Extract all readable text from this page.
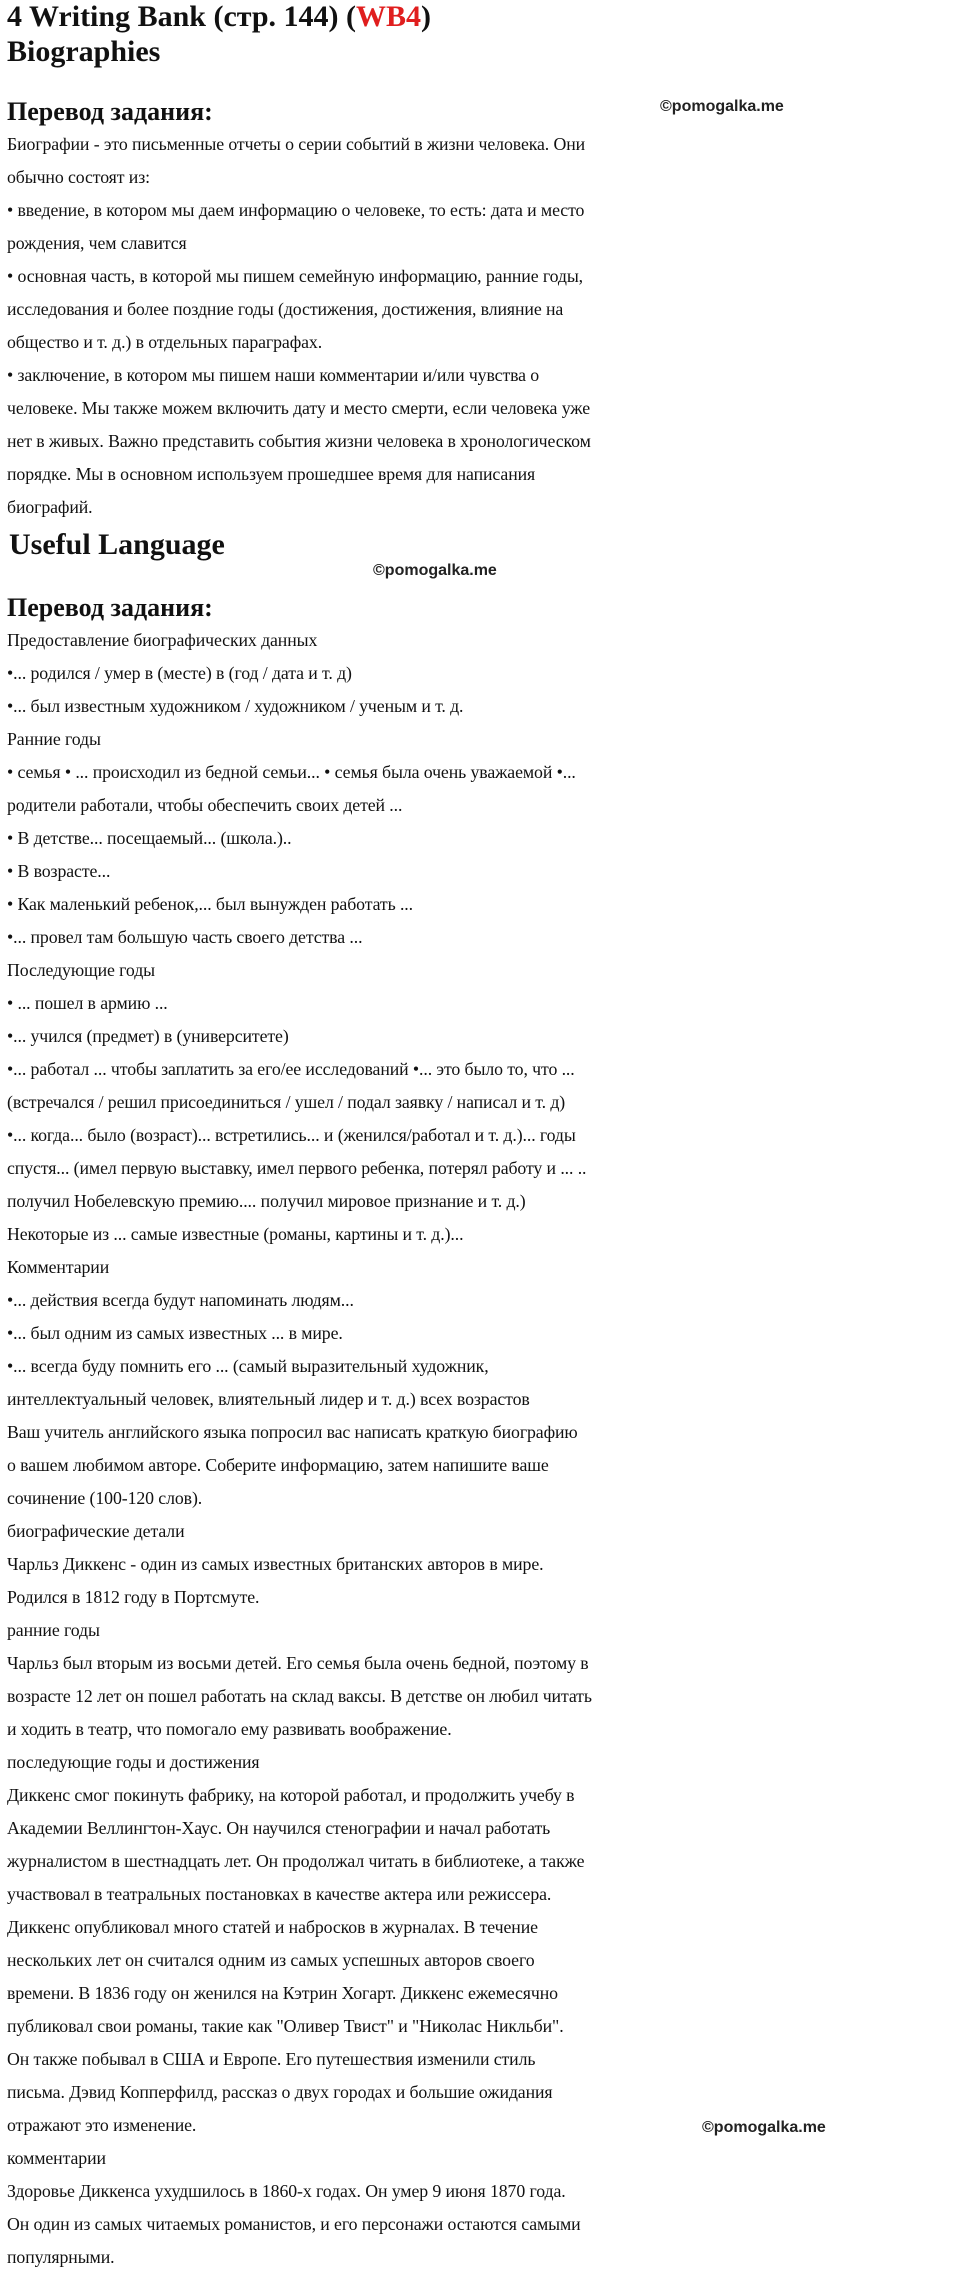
4 Writing Bank (стр. 144) (WB4)
Biographies
Перевод задания:	©pomogalka.me
Биографии - это письменные отчеты о серии событий в жизни человека. Они
обычно состоят из:
• введение, в котором мы даем информацию о человеке, то есть: дата и место
рождения, чем славится
• основная часть, в которой мы пишем семейную информацию, ранние годы,
исследования и более поздние годы (достижения, достижения, влияние на
общество и т. д.) в отдельных параграфах.
• заключение, в котором мы пишем наши комментарии и/или чувства о
человеке. Мы также можем включить дату и место смерти, если человека уже
нет в живых. Важно представить события жизни человека в хронологическом
порядке. Мы в основном используем прошедшее время для написания
биографий.
Useful Language
©pomogalka.me
Перевод задания:
Предоставление биографических данных
•... родился / умер в (месте) в (год / дата и т. д)
•... был известным художником / художником / ученым и т. д.
Ранние годы
• семья • ... происходил из бедной семьи... • семья была очень уважаемой •...
родители работали, чтобы обеспечить своих детей ...
• В детстве... посещаемый... (школа.)..
• В возрасте...
• Как маленький ребенок,... был вынужден работать ...
•... провел там большую часть своего детства ...
Последующие годы
• ... пошел в армию ...
•... учился (предмет) в (университете)
•... работал ... чтобы заплатить за его/ее исследований •... это было то, что ...
(встречался / решил присоединиться / ушел / подал заявку / написал и т. д)
•... когда... было (возраст)... встретились... и (женился/работал и т. д.)... годы
спустя... (имел первую выставку, имел первого ребенка, потерял работу и ... ..
получил Нобелевскую премию.... получил мировое признание и т. д.)
Некоторые из ... самые известные (романы, картины и т. д.)...
Комментарии
•... действия всегда будут напоминать людям...
•... был одним из самых известных ... в мире.
•... всегда буду помнить его ... (самый выразительный художник,
интеллектуальный человек, влиятельный лидер и т. д.) всех возрастов
Ваш учитель английского языка попросил вас написать краткую биографию
о вашем любимом авторе. Соберите информацию, затем напишите ваше
сочинение (100-120 слов).
биографические детали
Чарльз Диккенс - один из самых известных британских авторов в мире.
Родился в 1812 году в Портсмуте.
ранние годы
Чарльз был вторым из восьми детей. Его семья была очень бедной, поэтому в
возрасте 12 лет он пошел работать на склад ваксы. В детстве он любил читать
и ходить в театр, что помогало ему развивать воображение.
последующие годы и достижения
Диккенс смог покинуть фабрику, на которой работал, и продолжить учебу в
Академии Веллингтон-Хаус. Он научился стенографии и начал работать
журналистом в шестнадцать лет. Он продолжал читать в библиотеке, а также
участвовал в театральных постановках в качестве актера или режиссера.
Диккенс опубликовал много статей и набросков в журналах. В течение
нескольких лет он считался одним из самых успешных авторов своего
времени. В 1836 году он женился на Кэтрин Хогарт. Диккенс ежемесячно
публиковал свои романы, такие как "Оливер Твист" и "Николас Никльби".
Он также побывал в США и Европе. Его путешествия изменили стиль
письма. Дэвид Копперфилд, рассказ о двух городах и большие ожидания
отражают это изменение.
комментарии
Здоровье Диккенса ухудшилось в 1860-х годах. Он умер 9 июня 1870 года.
Он один из самых читаемых романистов, и его персонажи остаются самыми
популярными.
©pomogalka.me
